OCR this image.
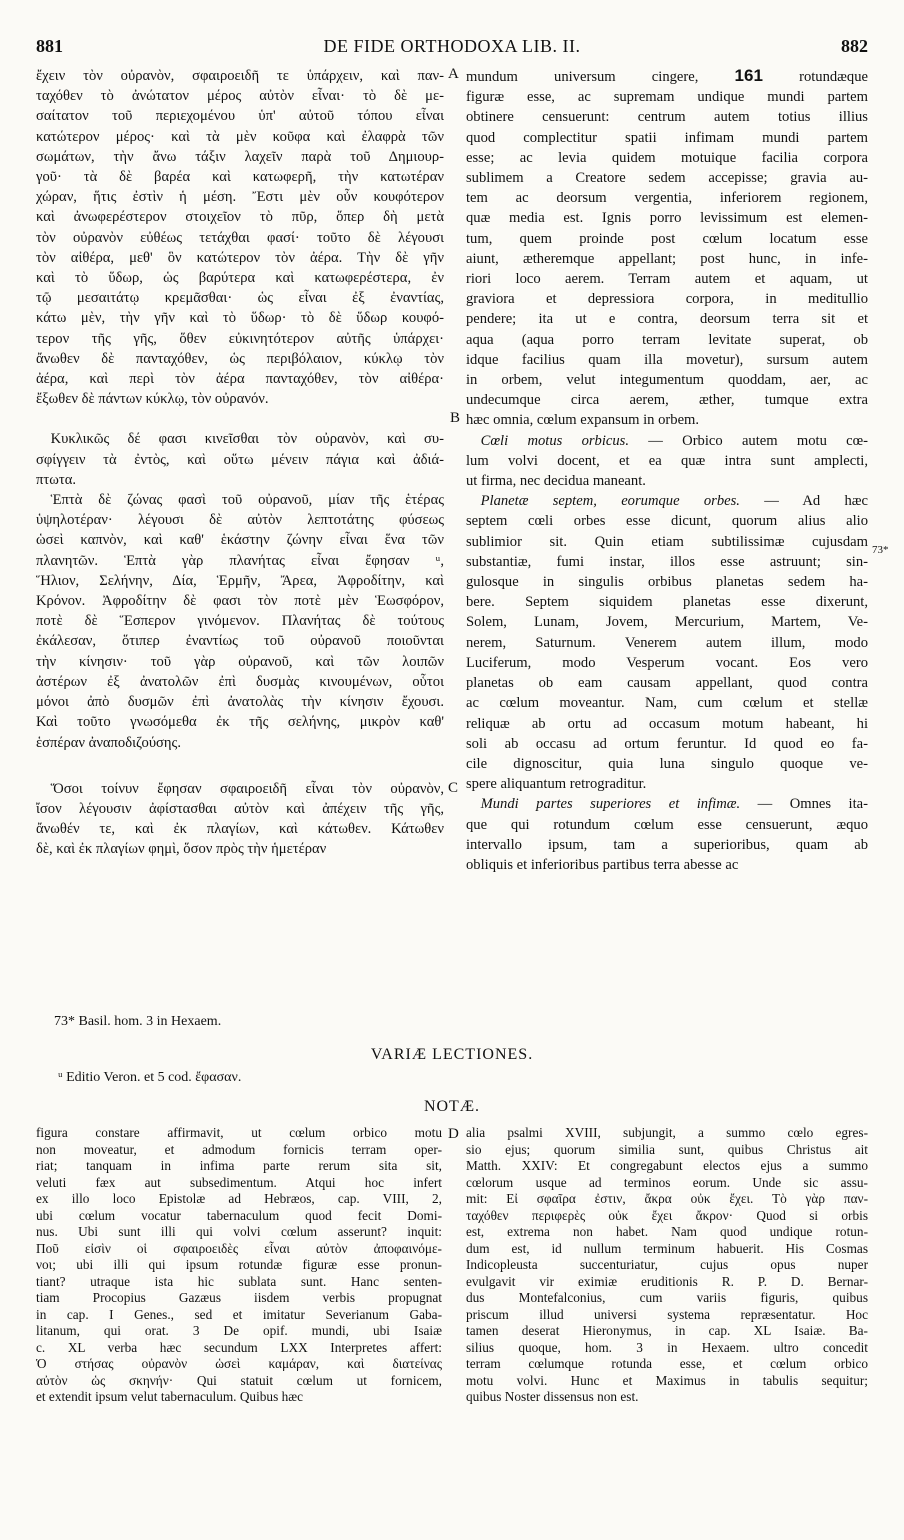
881	DE FIDE ORTHODOXA LIB. II.	882
ἔχειν τὸν οὐρανὸν, σφαιροειδῆ τε ὑπάρχειν, καὶ παν-
ταχόθεν τὸ ἀνώτατον μέρος αὐτὸν εἶναι· τὸ δὲ με-
σαίτατον τοῦ περιεχομένου ὑπ' αὐτοῦ τόπου εἶναι
κατώτερον μέρος· καὶ τὰ μὲν κοῦφα καὶ ἐλαφρὰ τῶν
σωμάτων, τὴν ἄνω τάξιν λαχεῖν παρὰ τοῦ Δημιουρ-
γοῦ· τὰ δὲ βαρέα καὶ κατωφερῆ, τὴν κατωτέραν
χώραν, ἥτις ἐστὶν ἡ μέση. Ἔστι μὲν οὖν κουφότερον
καὶ ἀνωφερέστερον στοιχεῖον τὸ πῦρ, ὅπερ δὴ μετὰ
τὸν οὐρανὸν εὐθέως τετάχθαι φασί· τοῦτο δὲ λέγουσι
τὸν αἰθέρα, μεθ' ὃν κατώτερον τὸν ἀέρα. Τὴν δὲ γῆν
καὶ τὸ ὕδωρ, ὡς βαρύτερα καὶ κατωφερέστερα, ἐν
τῷ μεσαιτάτῳ κρεμᾶσθαι· ὡς εἶναι ἐξ ἐναντίας,
κάτω μὲν, τὴν γῆν καὶ τὸ ὕδωρ· τὸ δὲ ὕδωρ κουφό-
τερον τῆς γῆς, ὅθεν εὐκινητότερον αὐτῆς ὑπάρχει·
ἄνωθεν δὲ πανταχόθεν, ὡς περιβόλαιον, κύκλῳ τὸν
ἀέρα, καὶ περὶ τὸν ἀέρα πανταχόθεν, τὸν αἰθέρα·
ἔξωθεν δὲ πάντων κύκλῳ, τὸν οὐρανόν.
Κυκλικῶς δέ φασι κινεῖσθαι τὸν οὐρανὸν, καὶ συ-
σφίγγειν τὰ ἐντὸς, καὶ οὕτω μένειν πάγια καὶ ἀδιά-
πτωτα.
Ἑπτὰ δὲ ζώνας φασὶ τοῦ οὐρανοῦ, μίαν τῆς ἑτέρας
ὑψηλοτέραν· λέγουσι δὲ αὐτὸν λεπτοτάτης φύσεως
ὡσεὶ καπνὸν, καὶ καθ' ἑκάστην ζώνην εἶναι ἕνα τῶν
πλανητῶν. Ἑπτὰ γὰρ πλανήτας εἶναι ἔφησαν ᵘ,
Ἥλιον, Σελήνην, Δία, Ἑρμῆν, Ἄρεα, Ἀφροδίτην, καὶ
Κρόνον. Ἀφροδίτην δὲ φασι τὸν ποτὲ μὲν Ἑωσφόρον,
ποτὲ δὲ Ἕσπερον γινόμενον. Πλανήτας δὲ τούτους
ἐκάλεσαν, ὅτιπερ ἐναντίως τοῦ οὐρανοῦ ποιοῦνται
τὴν κίνησιν· τοῦ γὰρ οὐρανοῦ, καὶ τῶν λοιπῶν
ἀστέρων ἐξ ἀνατολῶν ἐπὶ δυσμὰς κινουμένων, οὗτοι
μόνοι ἀπὸ δυσμῶν ἐπὶ ἀνατολὰς τὴν κίνησιν ἔχουσι.
Καὶ τοῦτο γνωσόμεθα ἐκ τῆς σελήνης, μικρὸν καθ'
ἑσπέραν ἀναποδιζούσης.
Ὅσοι τοίνυν ἔφησαν σφαιροειδῆ εἶναι τὸν οὐρανὸν,
ἴσον λέγουσιν ἀφίστασθαι αὐτὸν καὶ ἀπέχειν τῆς γῆς,
ἄνωθέν τε, καὶ ἐκ πλαγίων, καὶ κάτωθεν. Κάτωθεν
δὲ, καὶ ἐκ πλαγίων φημὶ, ὅσον πρὸς τὴν ἡμετέραν
mundum universum cingere, 161 rotundæque
figuræ esse, ac supremam undique mundi partem
obtinere censuerunt: centrum autem totius illius
quod complectitur spatii infimam mundi partem
esse; ac levia quidem motuique facilia corpora
sublimem a Creatore sedem accepisse; gravia au-
tem ac deorsum vergentia, inferiorem regionem,
quæ media est. Ignis porro levissimum est elemen-
tum, quem proinde post cœlum locatum esse
aiunt, ætheremque appellant; post hunc, in infe-
riori loco aerem. Terram autem et aquam, ut
graviora et depressiora corpora, in meditullio
pendere; ita ut e contra, deorsum terra sit et
aqua (aqua porro terram levitate superat, ob
idque facilius quam illa movetur), sursum autem
in orbem, velut integumentum quoddam, aer, ac
undecumque circa aerem, æther, tumque extra
hæc omnia, cœlum expansum in orbem.
 Cœli motus orbicus. — Orbico autem motu cœ-
lum volvi docent, et ea quæ intra sunt amplecti,
ut firma, nec decidua maneant.
 Planetæ septem, eorumque orbes. — Ad hæc
septem cœli orbes esse dicunt, quorum alius alio
sublimior sit. Quin etiam subtilissimæ cujusdam
substantiæ, fumi instar, illos esse astruunt; sin-
gulosque in singulis orbibus planetas sedem ha-
bere. Septem siquidem planetas esse dixerunt,
Solem, Lunam, Jovem, Mercurium, Martem, Ve-
nerem, Saturnum. Venerem autem illum, modo
Luciferum, modo Vesperum vocant. Eos vero
planetas ob eam causam appellant, quod contra
ac cœlum moveantur. Nam, cum cœlum et stellæ
reliquæ ab ortu ad occasum motum habeant, hi
soli ab occasu ad ortum feruntur. Id quod eo fa-
cile dignoscitur, quia luna singulo quoque ve-
spere aliquantum retrograditur.
 Mundi partes superiores et infimæ. — Omnes ita-
que qui rotundum cœlum esse censuerunt, æquo
intervallo ipsum, tam a superioribus, quam ab
obliquis et inferioribus partibus terra abesse ac
A
B
C
D
73*
73* Basil. hom. 3 in Hexaem.
VARIÆ LECTIONES.
ᵘ Editio Veron. et 5 cod. ἔφασαν.
NOTÆ.
figura constare affirmavit, ut cœlum orbico motu
non moveatur, et admodum fornicis terram oper-
riat; tanquam in infima parte rerum sita sit,
veluti fæx aut subsedimentum. Atqui hoc infert
ex illo loco Epistolæ ad Hebræos, cap. VIII, 2,
ubi cœlum vocatur tabernaculum quod fecit Domi-
nus. Ubi sunt illi qui volvi cœlum asserunt? inquit:
Ποῦ εἰσὶν οἱ σφαιροειδὲς εἶναι αὐτὸν ἀποφαινόμε-
νοι; ubi illi qui ipsum rotundæ figuræ esse pronun-
tiant? utraque ista hic sublata sunt. Hanc senten-
tiam Procopius Gazæus iisdem verbis propugnat
in cap. I Genes., sed et imitatur Severianum Gaba-
litanum, qui orat. 3 De opif. mundi, ubi Isaiæ
c. XL verba hæc secundum LXX Interpretes affert:
Ὁ στήσας οὐρανὸν ὡσεὶ καμάραν, καὶ διατείνας
αὐτὸν ὡς σκηνήν· Qui statuit cœlum ut fornicem,
et extendit ipsum velut tabernaculum. Quibus hæc
alia psalmi XVIII, subjungit, a summo cœlo egres-
sio ejus; quorum similia sunt, quibus Christus ait
Matth. XXIV: Et congregabunt electos ejus a summo
cœlorum usque ad terminos eorum. Unde sic assu-
mit: Εἰ σφαῖρα ἐστιν, ἄκρα οὐκ ἔχει. Τὸ γὰρ παν-
ταχόθεν περιφερὲς οὐκ ἔχει ἄκρον· Quod si orbis
est, extrema non habet. Nam quod undique rotun-
dum est, id nullum terminum habuerit. His Cosmas
Indicopleusta succenturiatur, cujus opus nuper
evulgavit vir eximiæ eruditionis R. P. D. Bernar-
dus Montefalconius, cum variis figuris, quibus
priscum illud universi systema repræsentatur. Hoc
tamen deserat Hieronymus, in cap. XL Isaiæ. Ba-
silius quoque, hom. 3 in Hexaem. ultro concedit
terram cœlumque rotunda esse, et cœlum orbico
motu volvi. Hunc et Maximus in tabulis sequitur;
quibus Noster dissensus non est.
